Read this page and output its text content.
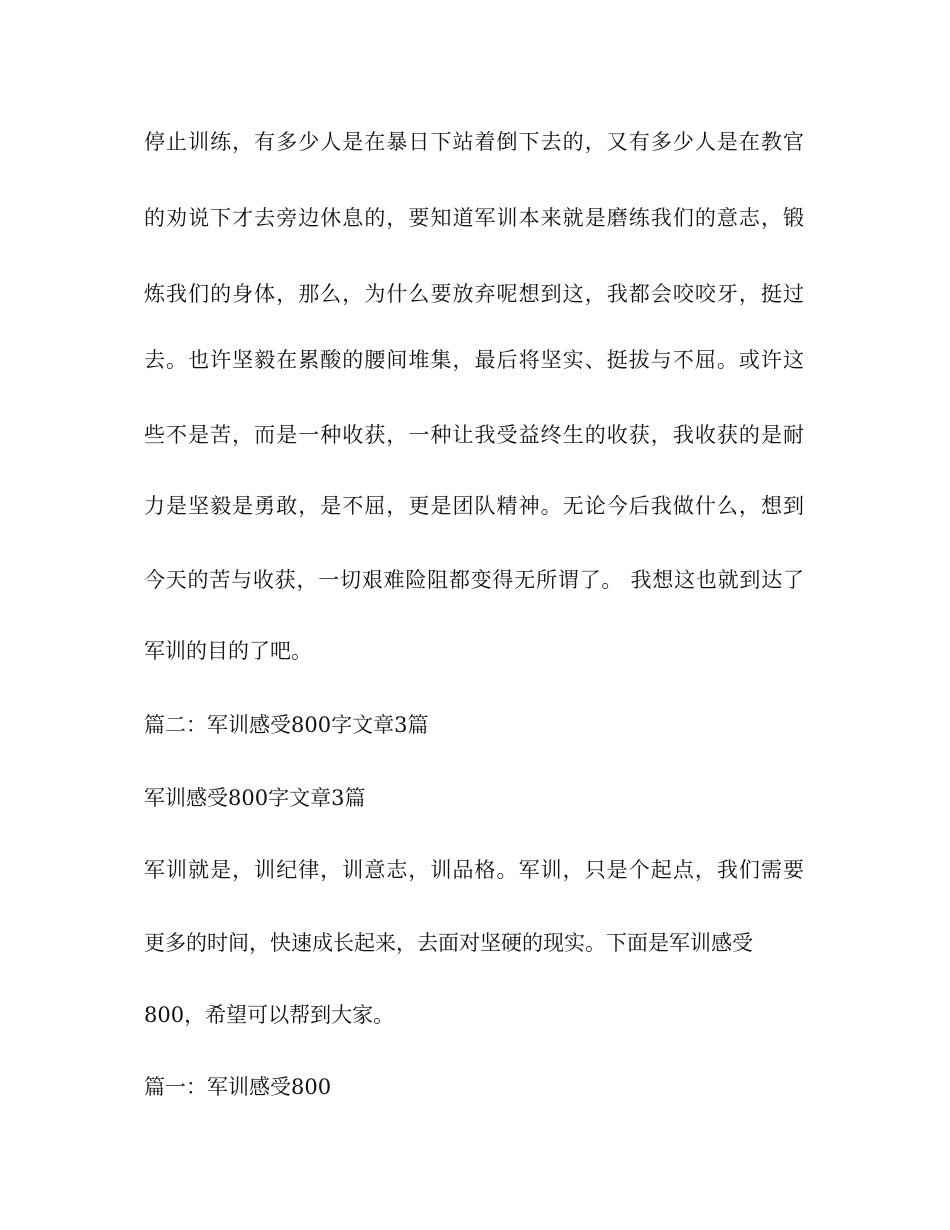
停止训练，有多少人是在暴日下站着倒下去的，又有多少人是在教官
的劝说下才去旁边休息的，要知道军训本来就是磨练我们的意志，锻
炼我们的身体，那么，为什么要放弃呢想到这，我都会咬咬牙，挺过
去。也许坚毅在累酸的腰间堆集，最后将坚实、挺拔与不屈。或许这
些不是苦，而是一种收获，一种让我受益终生的收获，我收获的是耐
力是坚毅是勇敢，是不屈，更是团队精神。无论今后我做什么，想到
今天的苦与收获，一切艰难险阻都变得无所谓了。 我想这也就到达了
军训的目的了吧。
篇二：军训感受800字文章3篇
军训感受800字文章3篇
军训就是，训纪律，训意志，训品格。军训，只是个起点，我们需要
更多的时间，快速成长起来，去面对坚硬的现实。下面是军训感受
800，希望可以帮到大家。
篇一：军训感受800
